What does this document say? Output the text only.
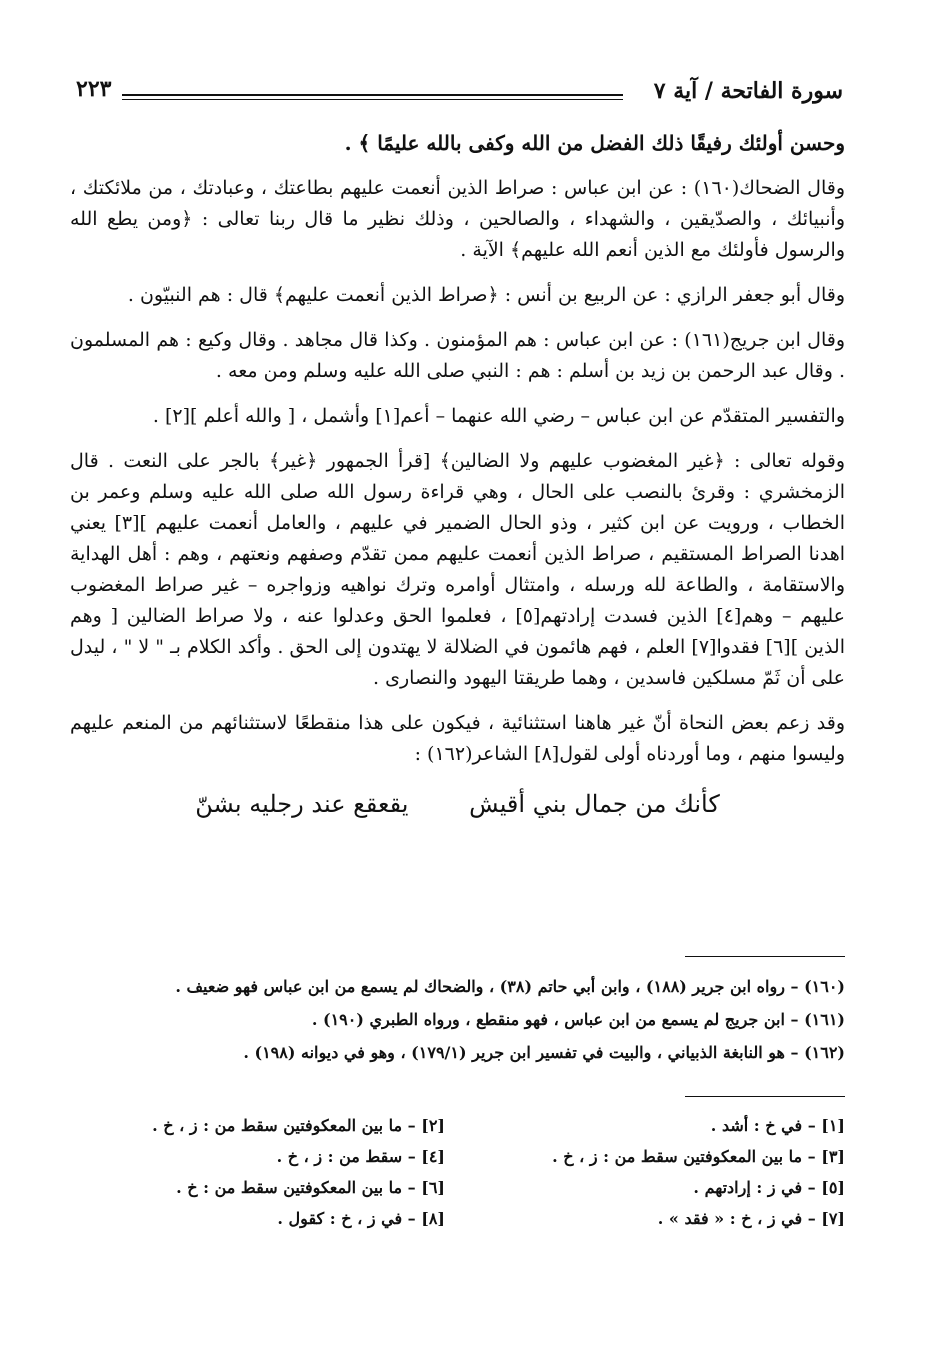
سورة الفاتحة / آية ٧
٢٢٣

وحسن أولئك رفيقًا ذلك الفضل من الله وكفى بالله عليمًا ﴾ .

وقال الضحاك(١٦٠) : عن ابن عباس : صراط الذين أنعمت عليهم بطاعتك ، وعبادتك ، من ملائكتك ، وأنبيائك ، والصدّيقين ، والشهداء ، والصالحين ، وذلك نظير ما قال ربنا تعالى : ﴿ومن يطع الله والرسول فأولئك مع الذين أنعم الله عليهم﴾ الآية .

وقال أبو جعفر الرازي : عن الربيع بن أنس : ﴿صراط الذين أنعمت عليهم﴾ قال : هم النبيّون .

وقال ابن جريج(١٦١) : عن ابن عباس : هم المؤمنون . وكذا قال مجاهد . وقال وكيع : هم المسلمون . وقال عبد الرحمن بن زيد بن أسلم : هم : النبي صلى الله عليه وسلم ومن معه .

والتفسير المتقدّم عن ابن عباس – رضي الله عنهما – أعم[١] وأشمل ، [ والله أعلم ][٢] .

وقوله تعالى : ﴿غير المغضوب عليهم ولا الضالين﴾ [قرأ الجمهور ﴿غير﴾ بالجر على النعت . قال الزمخشري : وقرئ بالنصب على الحال ، وهي قراءة رسول الله صلى الله عليه وسلم وعمر بن الخطاب ، ورويت عن ابن كثير ، وذو الحال الضمير في عليهم ، والعامل أنعمت عليهم ][٣] يعني اهدنا الصراط المستقيم ، صراط الذين أنعمت عليهم ممن تقدّم وصفهم ونعتهم ، وهم : أهل الهداية والاستقامة ، والطاعة لله ورسله ، وامتثال أوامره وترك نواهيه وزواجره – غير صراط المغضوب عليهم – وهم[٤] الذين فسدت إرادتهم[٥] ، فعلموا الحق وعدلوا عنه ، ولا صراط الضالين [ وهم الذين ][٦] فقدوا[٧] العلم ، فهم هائمون في الضلالة لا يهتدون إلى الحق . وأكد الكلام بـ " لا " ، ليدل على أن ثَمّ مسلكين فاسدين ، وهما طريقتا اليهود والنصارى .

وقد زعم بعض النحاة أنّ غير هاهنا استثنائية ، فيكون على هذا منقطعًا لاستثنائهم من المنعم عليهم وليسوا منهم ، وما أوردناه أولى لقول[٨] الشاعر(١٦٢) :

كأنك من جمال بني أقيش يقعقع عند رجليه بشنّ
(١٦٠) – رواه ابن جرير (١٨٨) ، وابن أبي حاتم (٣٨) ، والضحاك لم يسمع من ابن عباس فهو ضعيف .
(١٦١) – ابن جريج لم يسمع من ابن عباس ، فهو منقطع ، ورواه الطبري (١٩٠) .
(١٦٢) – هو النابغة الذبياني ، والبيت في تفسير ابن جرير (١٧٩/١) ، وهو في ديوانه (١٩٨) .
[١] – في خ : أشد .
[٢] – ما بين المعكوفتين سقط من : ز ، خ .
[٣] – ما بين المعكوفتين سقط من : ز ، خ .
[٤] – سقط من : ز ، خ .
[٥] – في ز : إرادتهم .
[٦] – ما بين المعكوفتين سقط من : خ .
[٧] – في ز ، خ : « فقد » .
[٨] – في ز ، خ : كقول .
